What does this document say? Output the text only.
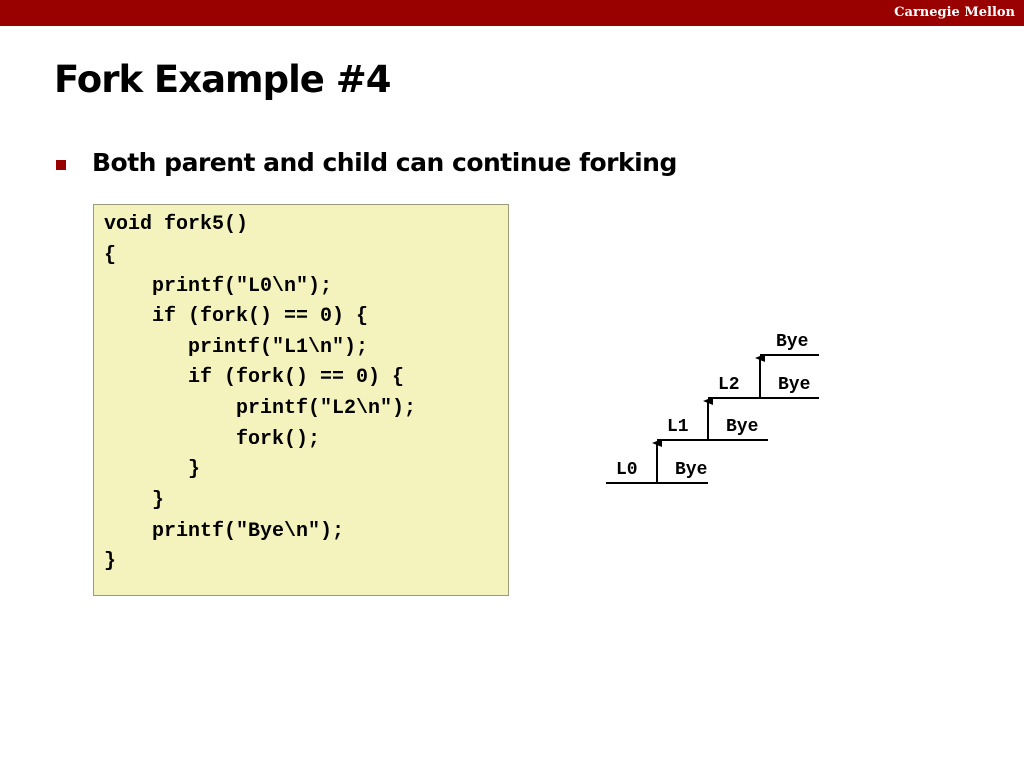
Carnegie Mellon
Fork Example #4
Both parent and child can continue forking
void fork5()
{
printf("L0\n");
if (fork() == 0) {
printf("L1\n");
if (fork() == 0) {
printf("L2\n");
fork();
}
}
printf("Bye\n");
}
L0 Bye
L1 Bye
L2 Bye
Bye
